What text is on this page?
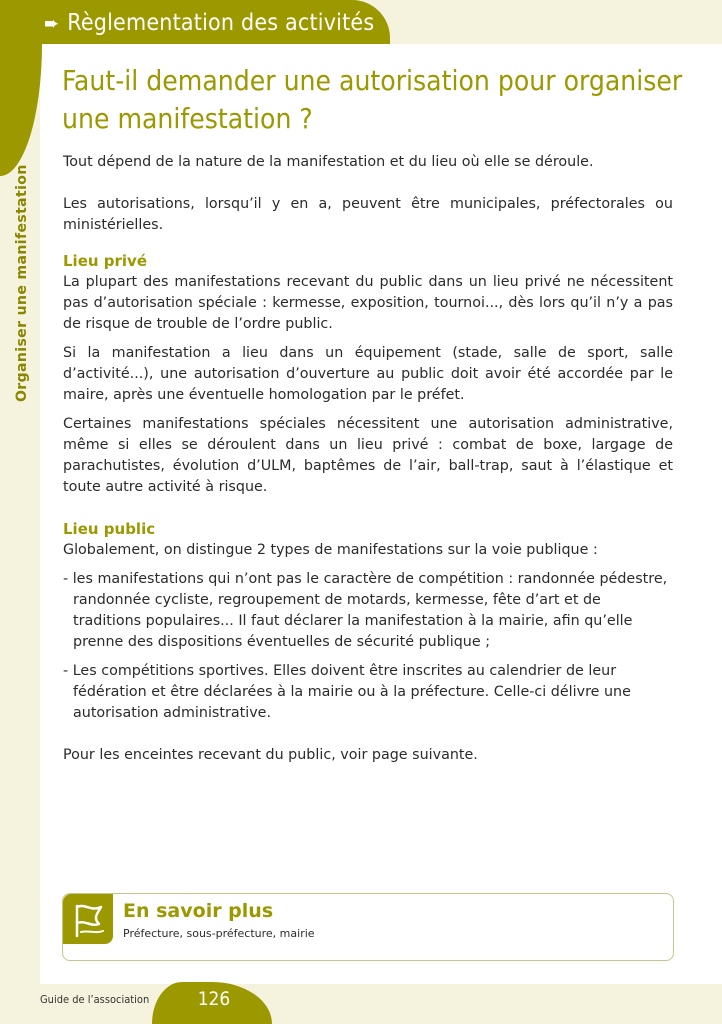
➨ Règlementation des activités
Organiser une manifestation
Faut-il demander une autorisation pour organiser une manifestation ?

Tout dépend de la nature de la manifestation et du lieu où elle se déroule.

Les autorisations, lorsqu’il y en a, peuvent être municipales, préfectorales ou ministérielles.

Lieu privé

La plupart des manifestations recevant du public dans un lieu privé ne nécessitent pas d’autorisation spéciale : kermesse, exposition, tournoi..., dès lors qu’il n’y a pas de risque de trouble de l’ordre public.

Si la manifestation a lieu dans un équipement (stade, salle de sport, salle d’activité...), une autorisation d’ouverture au public doit avoir été accordée par le maire, après une éventuelle homologation par le préfet.

Certaines manifestations spéciales nécessitent une autorisation administrative, même si elles se déroulent dans un lieu privé : combat de boxe, largage de parachutistes, évolution d’ULM, baptêmes de l’air, ball-trap, saut à l’élastique et toute autre activité à risque.

Lieu public

Globalement, on distingue 2 types de manifestations sur la voie publique :

- les manifestations qui n’ont pas le caractère de compétition : randonnée pédestre, randonnée cycliste, regroupement de motards, kermesse, fête d’art et de traditions populaires... Il faut déclarer la manifestation à la mairie, afin qu’elle prenne des dispositions éventuelles de sécurité publique ;

- Les compétitions sportives. Elles doivent être inscrites au calendrier de leur fédération et être déclarées à la mairie ou à la préfecture. Celle-ci délivre une autorisation administrative.

Pour les enceintes recevant du public, voir page suivante.

En savoir plus
Préfecture, sous-préfecture, mairie
Guide de l’association	126
